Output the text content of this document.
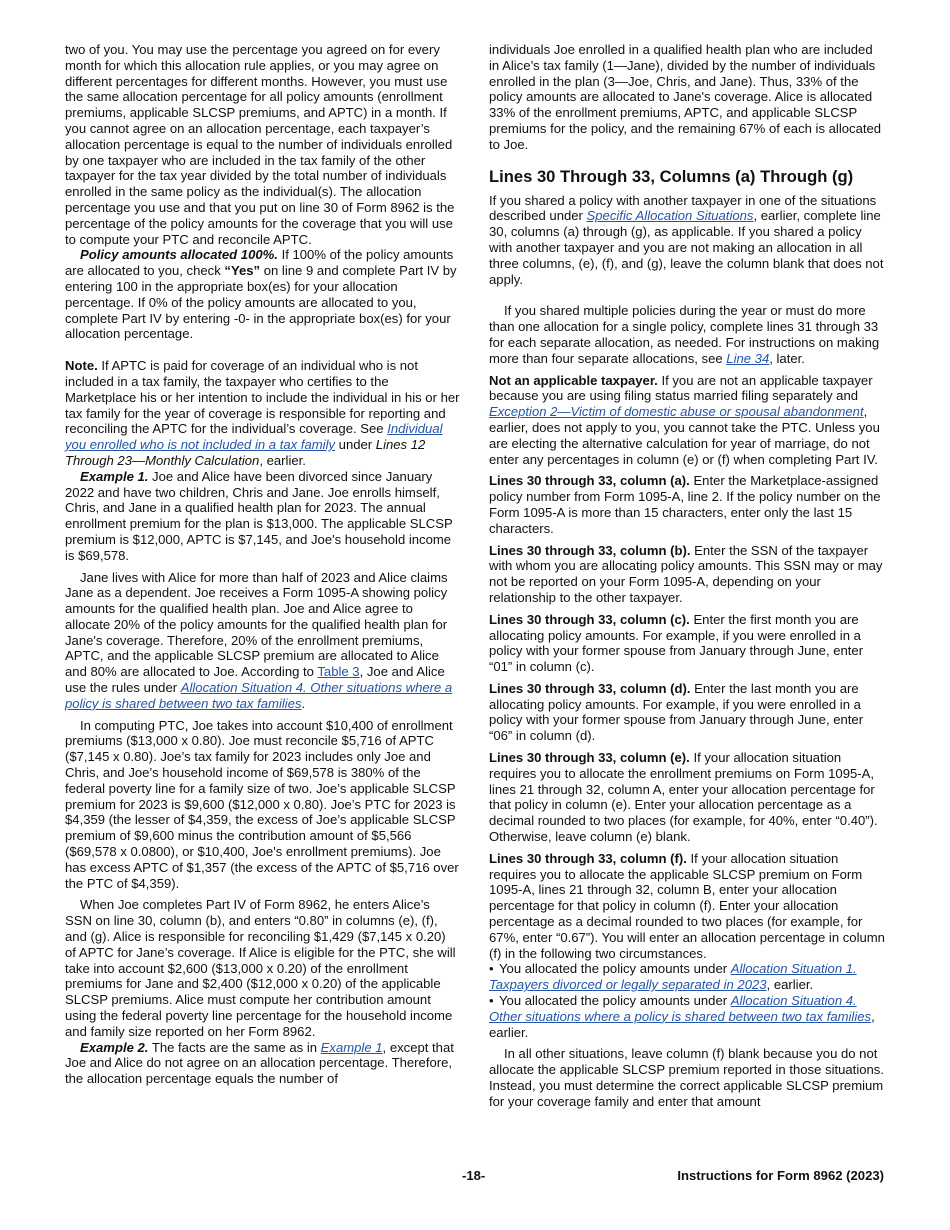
two of you. You may use the percentage you agreed on for every month for which this allocation rule applies, or you may agree on different percentages for different months. However, you must use the same allocation percentage for all policy amounts (enrollment premiums, applicable SLCSP premiums, and APTC) in a month. If you cannot agree on an allocation percentage, each taxpayer’s allocation percentage is equal to the number of individuals enrolled by one taxpayer who are included in the tax family of the other taxpayer for the tax year divided by the total number of individuals enrolled in the same policy as the individual(s). The allocation percentage you use and that you put on line 30 of Form 8962 is the percentage of the policy amounts for the coverage that you will use to compute your PTC and reconcile APTC.

Policy amounts allocated 100%. If 100% of the policy amounts are allocated to you, check “Yes” on line 9 and complete Part IV by entering 100 in the appropriate box(es) for your allocation percentage. If 0% of the policy amounts are allocated to you, complete Part IV by entering -0- in the appropriate box(es) for your allocation percentage.

Note. If APTC is paid for coverage of an individual who is not included in a tax family, the taxpayer who certifies to the Marketplace his or her intention to include the individual in his or her tax family for the year of coverage is responsible for reporting and reconciling the APTC for the individual’s coverage. See Individual you enrolled who is not included in a tax family under Lines 12 Through 23—Monthly Calculation, earlier.

Example 1. Joe and Alice have been divorced since January 2022 and have two children, Chris and Jane. Joe enrolls himself, Chris, and Jane in a qualified health plan for 2023. The annual enrollment premium for the plan is $13,000. The applicable SLCSP premium is $12,000, APTC is $7,145, and Joe's household income is $69,578.

Jane lives with Alice for more than half of 2023 and Alice claims Jane as a dependent. Joe receives a Form 1095-A showing policy amounts for the qualified health plan. Joe and Alice agree to allocate 20% of the policy amounts for the qualified health plan for Jane's coverage. Therefore, 20% of the enrollment premiums, APTC, and the applicable SLCSP premium are allocated to Alice and 80% are allocated to Joe. According to Table 3, Joe and Alice use the rules under Allocation Situation 4. Other situations where a policy is shared between two tax families.

In computing PTC, Joe takes into account $10,400 of enrollment premiums ($13,000 x 0.80). Joe must reconcile $5,716 of APTC ($7,145 x 0.80). Joe’s tax family for 2023 includes only Joe and Chris, and Joe’s household income of $69,578 is 380% of the federal poverty line for a family size of two. Joe’s applicable SLCSP premium for 2023 is $9,600 ($12,000 x 0.80). Joe’s PTC for 2023 is $4,359 (the lesser of $4,359, the excess of Joe’s applicable SLCSP premium of $9,600 minus the contribution amount of $5,566 ($69,578 x 0.0800), or $10,400, Joe's enrollment premiums). Joe has excess APTC of $1,357 (the excess of the APTC of $5,716 over the PTC of $4,359).

When Joe completes Part IV of Form 8962, he enters Alice’s SSN on line 30, column (b), and enters “0.80” in columns (e), (f), and (g). Alice is responsible for reconciling $1,429 ($7,145 x 0.20) of APTC for Jane’s coverage. If Alice is eligible for the PTC, she will take into account $2,600 ($13,000 x 0.20) of the enrollment premiums for Jane and $2,400 ($12,000 x 0.20) of the applicable SLCSP premiums. Alice must compute her contribution amount using the federal poverty line percentage for the household income and family size reported on her Form 8962.

Example 2. The facts are the same as in Example 1, except that Joe and Alice do not agree on an allocation percentage. Therefore, the allocation percentage equals the number of

individuals Joe enrolled in a qualified health plan who are included in Alice’s tax family (1—Jane), divided by the number of individuals enrolled in the plan (3—Joe, Chris, and Jane). Thus, 33% of the policy amounts are allocated to Jane's coverage. Alice is allocated 33% of the enrollment premiums, APTC, and applicable SLCSP premiums for the policy, and the remaining 67% of each is allocated to Joe.

Lines 30 Through 33, Columns (a) Through (g)

If you shared a policy with another taxpayer in one of the situations described under Specific Allocation Situations, earlier, complete line 30, columns (a) through (g), as applicable. If you shared a policy with another taxpayer and you are not making an allocation in all three columns, (e), (f), and (g), leave the column blank that does not apply.

If you shared multiple policies during the year or must do more than one allocation for a single policy, complete lines 31 through 33 for each separate allocation, as needed. For instructions on making more than four separate allocations, see Line 34, later.

Not an applicable taxpayer. If you are not an applicable taxpayer because you are using filing status married filing separately and Exception 2—Victim of domestic abuse or spousal abandonment, earlier, does not apply to you, you cannot take the PTC. Unless you are electing the alternative calculation for year of marriage, do not enter any percentages in column (e) or (f) when completing Part IV.

Lines 30 through 33, column (a). Enter the Marketplace-assigned policy number from Form 1095-A, line 2. If the policy number on the Form 1095-A is more than 15 characters, enter only the last 15 characters.

Lines 30 through 33, column (b). Enter the SSN of the taxpayer with whom you are allocating policy amounts. This SSN may or may not be reported on your Form 1095-A, depending on your relationship to the other taxpayer.

Lines 30 through 33, column (c). Enter the first month you are allocating policy amounts. For example, if you were enrolled in a policy with your former spouse from January through June, enter “01” in column (c).

Lines 30 through 33, column (d). Enter the last month you are allocating policy amounts. For example, if you were enrolled in a policy with your former spouse from January through June, enter “06” in column (d).

Lines 30 through 33, column (e). If your allocation situation requires you to allocate the enrollment premiums on Form 1095-A, lines 21 through 32, column A, enter your allocation percentage for that policy in column (e). Enter your allocation percentage as a decimal rounded to two places (for example, for 40%, enter “0.40”). Otherwise, leave column (e) blank.

Lines 30 through 33, column (f). If your allocation situation requires you to allocate the applicable SLCSP premium on Form 1095-A, lines 21 through 32, column B, enter your allocation percentage for that policy in column (f). Enter your allocation percentage as a decimal rounded to two places (for example, for 67%, enter “0.67”). You will enter an allocation percentage in column (f) in the following two circumstances.

• You allocated the policy amounts under Allocation Situation 1. Taxpayers divorced or legally separated in 2023, earlier.

• You allocated the policy amounts under Allocation Situation 4. Other situations where a policy is shared between two tax families, earlier.

In all other situations, leave column (f) blank because you do not allocate the applicable SLCSP premium reported in those situations. Instead, you must determine the correct applicable SLCSP premium for your coverage family and enter that amount

-18-	Instructions for Form 8962 (2023)
